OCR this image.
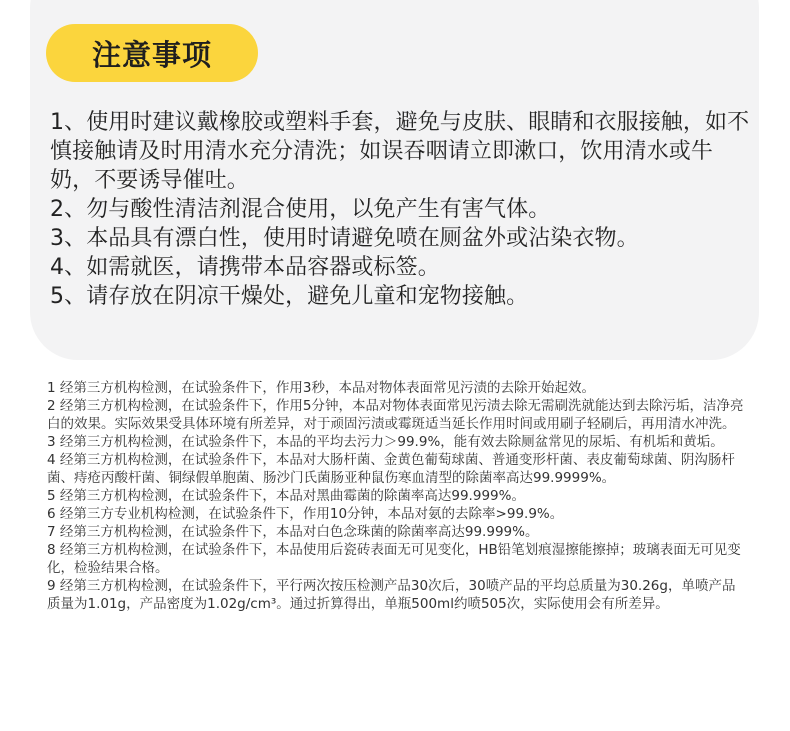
注意事项
1、使用时建议戴橡胶或塑料手套，避免与皮肤、眼睛和衣服接触，如不慎接触请及时用清水充分清洗；如误吞咽请立即漱口，饮用清水或牛奶，不要诱导催吐。
2、勿与酸性清洁剂混合使用，以免产生有害气体。
3、本品具有漂白性，使用时请避免喷在厕盆外或沾染衣物。
4、如需就医，请携带本品容器或标签。
5、请存放在阴凉干燥处，避免儿童和宠物接触。
1 经第三方机构检测，在试验条件下，作用3秒，本品对物体表面常见污渍的去除开始起效。
2 经第三方机构检测，在试验条件下，作用5分钟，本品对物体表面常见污渍去除无需刷洗就能达到去除污垢，洁净亮白的效果。实际效果受具体环境有所差异，对于顽固污渍或霉斑适当延长作用时间或用刷子轻刷后，再用清水冲洗。
3 经第三方机构检测，在试验条件下，本品的平均去污力＞99.9%，能有效去除厕盆常见的尿垢、有机垢和黄垢。
4 经第三方机构检测，在试验条件下，本品对大肠杆菌、金黄色葡萄球菌、普通变形杆菌、表皮葡萄球菌、阴沟肠杆菌、痔疮丙酸杆菌、铜绿假单胞菌、肠沙门氏菌肠亚种鼠伤寒血清型的除菌率高达99.9999%。
5 经第三方机构检测，在试验条件下，本品对黑曲霉菌的除菌率高达99.999%。
6 经第三方专业机构检测，在试验条件下，作用10分钟，本品对氨的去除率>99.9%。
7 经第三方机构检测，在试验条件下，本品对白色念珠菌的除菌率高达99.999%。
8 经第三方机构检测，在试验条件下，本品使用后瓷砖表面无可见变化，HB铅笔划痕湿擦能擦掉；玻璃表面无可见变化，检验结果合格。
9 经第三方机构检测，在试验条件下，平行两次按压检测产品30次后，30喷产品的平均总质量为30.26g，单喷产品质量为1.01g，产品密度为1.02g/cm³。通过折算得出，单瓶500ml约喷505次，实际使用会有所差异。
